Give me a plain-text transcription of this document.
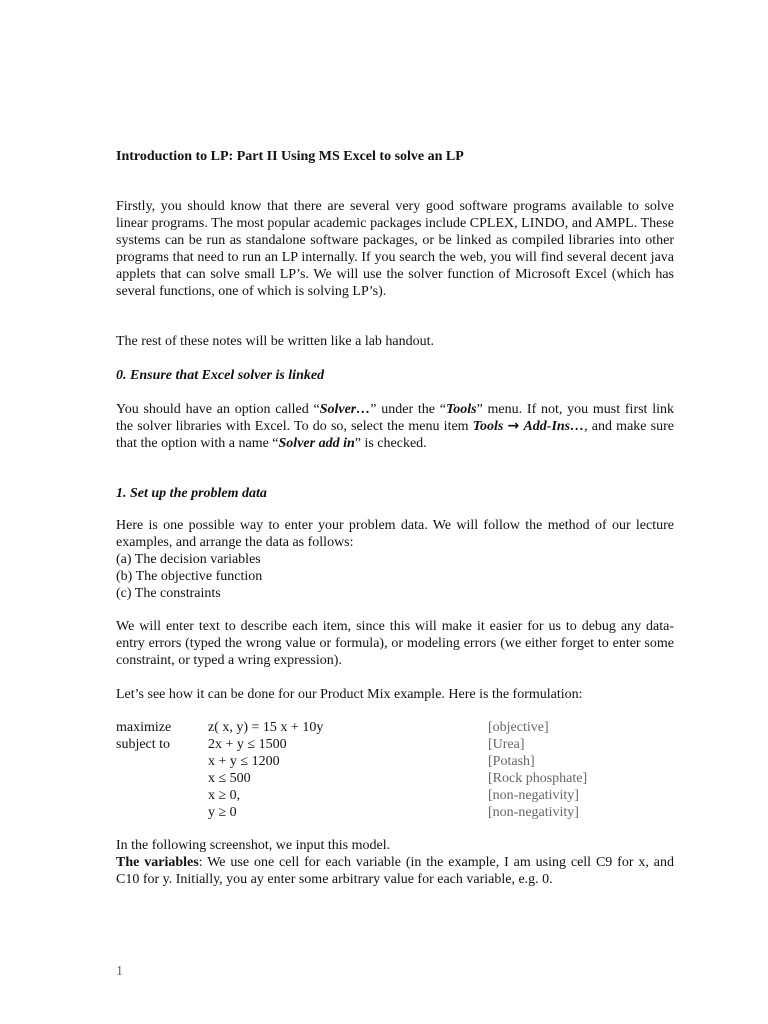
Introduction to LP: Part II Using MS Excel to solve an LP
Firstly, you should know that there are several very good software programs available to solve linear programs. The most popular academic packages include CPLEX, LINDO, and AMPL. These systems can be run as standalone software packages, or be linked as compiled libraries into other programs that need to run an LP internally. If you search the web, you will find several decent java applets that can solve small LP’s. We will use the solver function of Microsoft Excel (which has several functions, one of which is solving LP’s).
The rest of these notes will be written like a lab handout.
0. Ensure that Excel solver is linked
You should have an option called “Solver…” under the “Tools” menu. If not, you must first link the solver libraries with Excel. To do so, select the menu item Tools → Add-Ins…, and make sure that the option with a name “Solver add in” is checked.
1. Set up the problem data
Here is one possible way to enter your problem data. We will follow the method of our lecture examples, and arrange the data as follows:
(a) The decision variables
(b) The objective function
(c) The constraints
We will enter text to describe each item, since this will make it easier for us to debug any data-entry errors (typed the wrong value or formula), or modeling errors (we either forget to enter some constraint, or typed a wring expression).
Let’s see how it can be done for our Product Mix example. Here is the formulation:
maximize	z( x, y) = 15 x + 10y	[objective]
subject to	2x + y ≤ 1500	[Urea]
x + y ≤ 1200	[Potash]
x ≤ 500	[Rock phosphate]
x ≥ 0,	[non-negativity]
y ≥ 0	[non-negativity]
In the following screenshot, we input this model.
The variables: We use one cell for each variable (in the example, I am using cell C9 for x, and C10 for y. Initially, you ay enter some arbitrary value for each variable, e.g. 0.
1
